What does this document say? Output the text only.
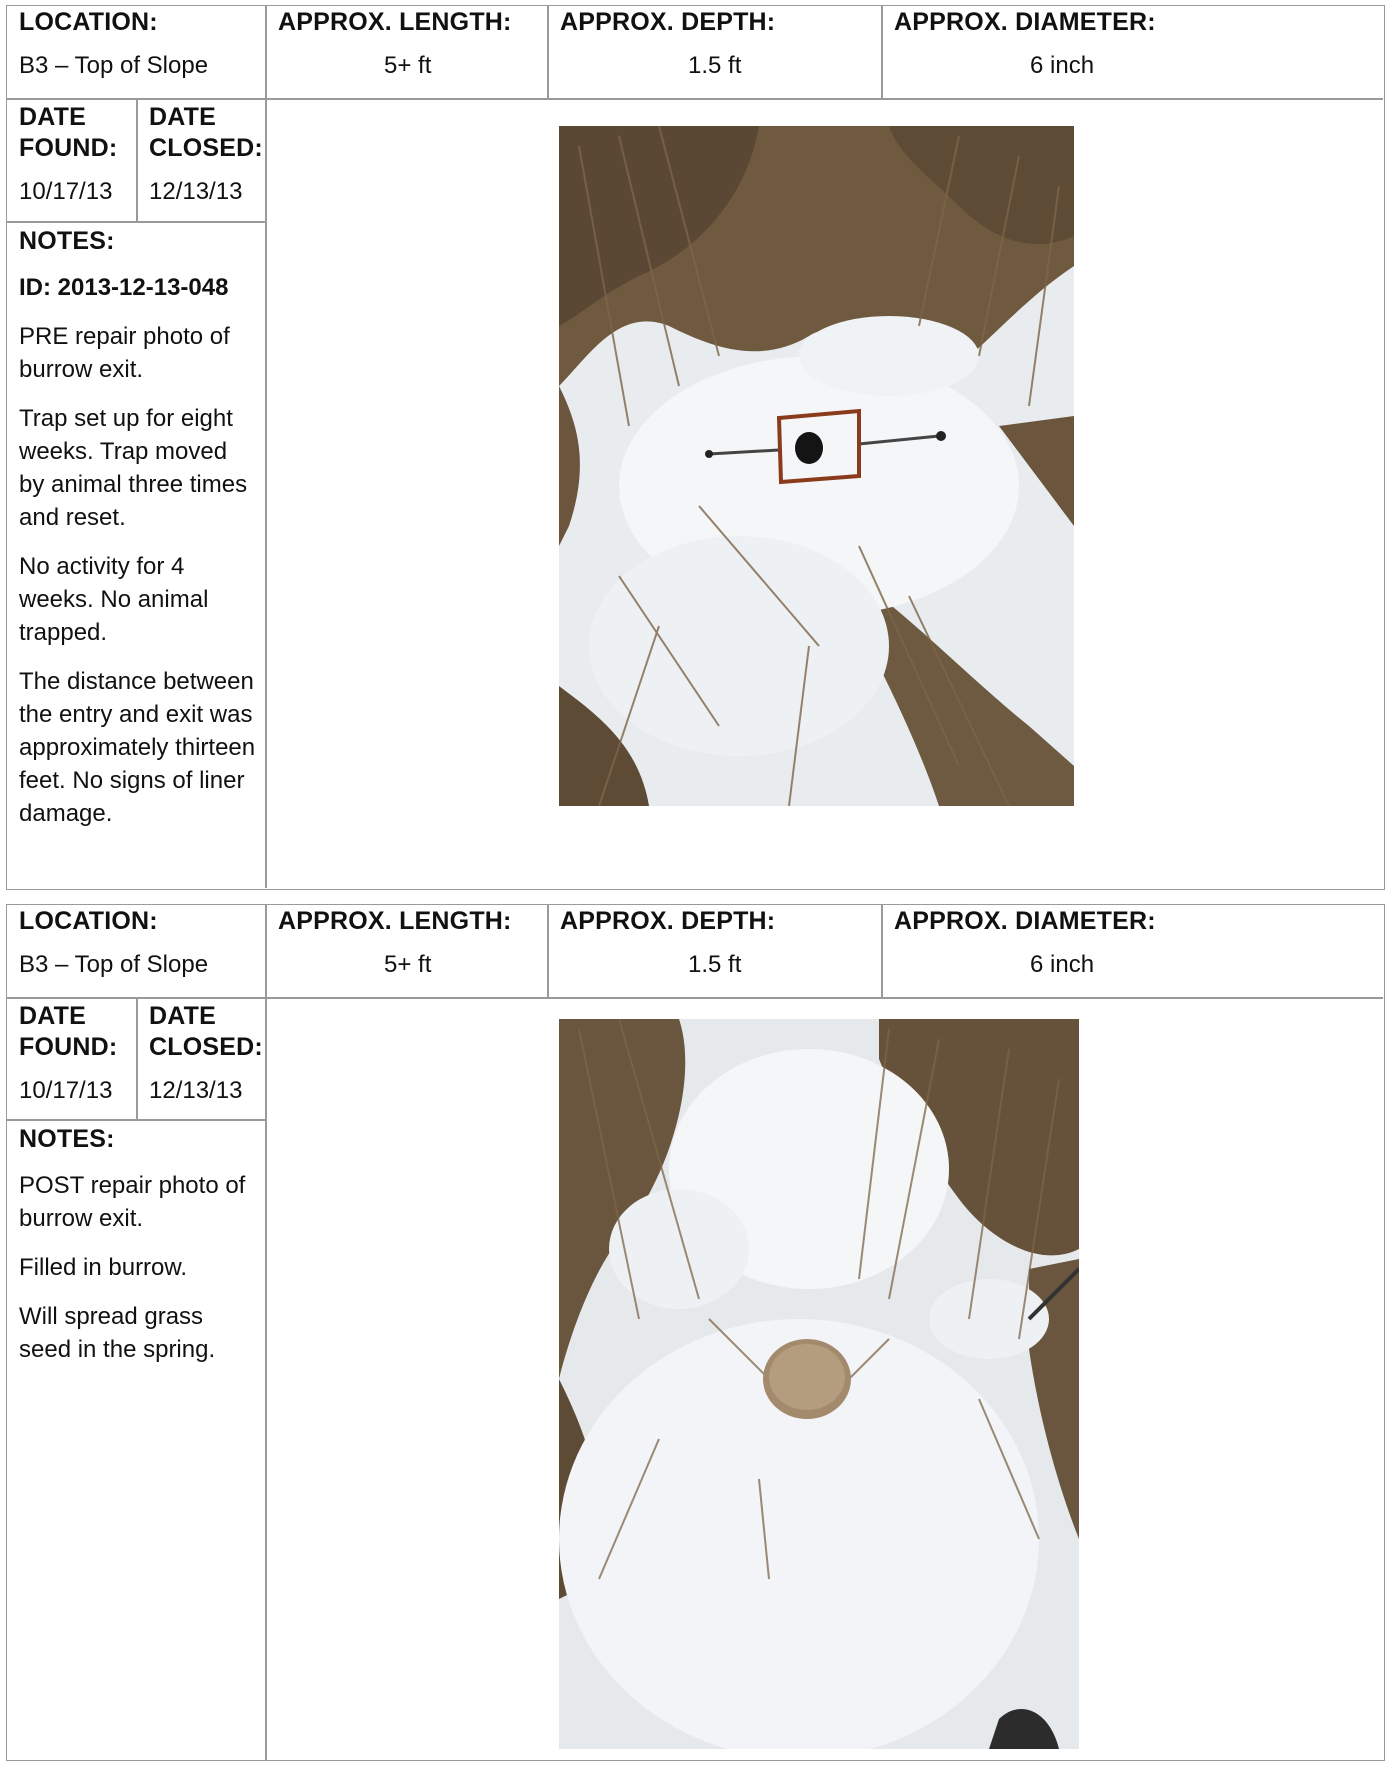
LOCATION:
B3 – Top of Slope
APPROX. LENGTH:
5+ ft
APPROX. DEPTH:
1.5 ft
APPROX. DIAMETER:
6 inch
DATE
FOUND:
10/17/13
DATE
CLOSED:
12/13/13
NOTES:

ID: 2013-12-13-048

PRE repair photo of burrow exit.

Trap set up for eight weeks. Trap moved by animal three times and reset.

No activity for 4 weeks. No animal trapped.

The distance between the entry and exit was approximately thirteen feet. No signs of liner damage.

LOCATION:
B3 – Top of Slope
APPROX. LENGTH:
5+ ft
APPROX. DEPTH:
1.5 ft
APPROX. DIAMETER:
6 inch
DATE
FOUND:
10/17/13
DATE
CLOSED:
12/13/13
NOTES:

POST repair photo of burrow exit.

Filled in burrow.

Will spread grass seed in the spring.
